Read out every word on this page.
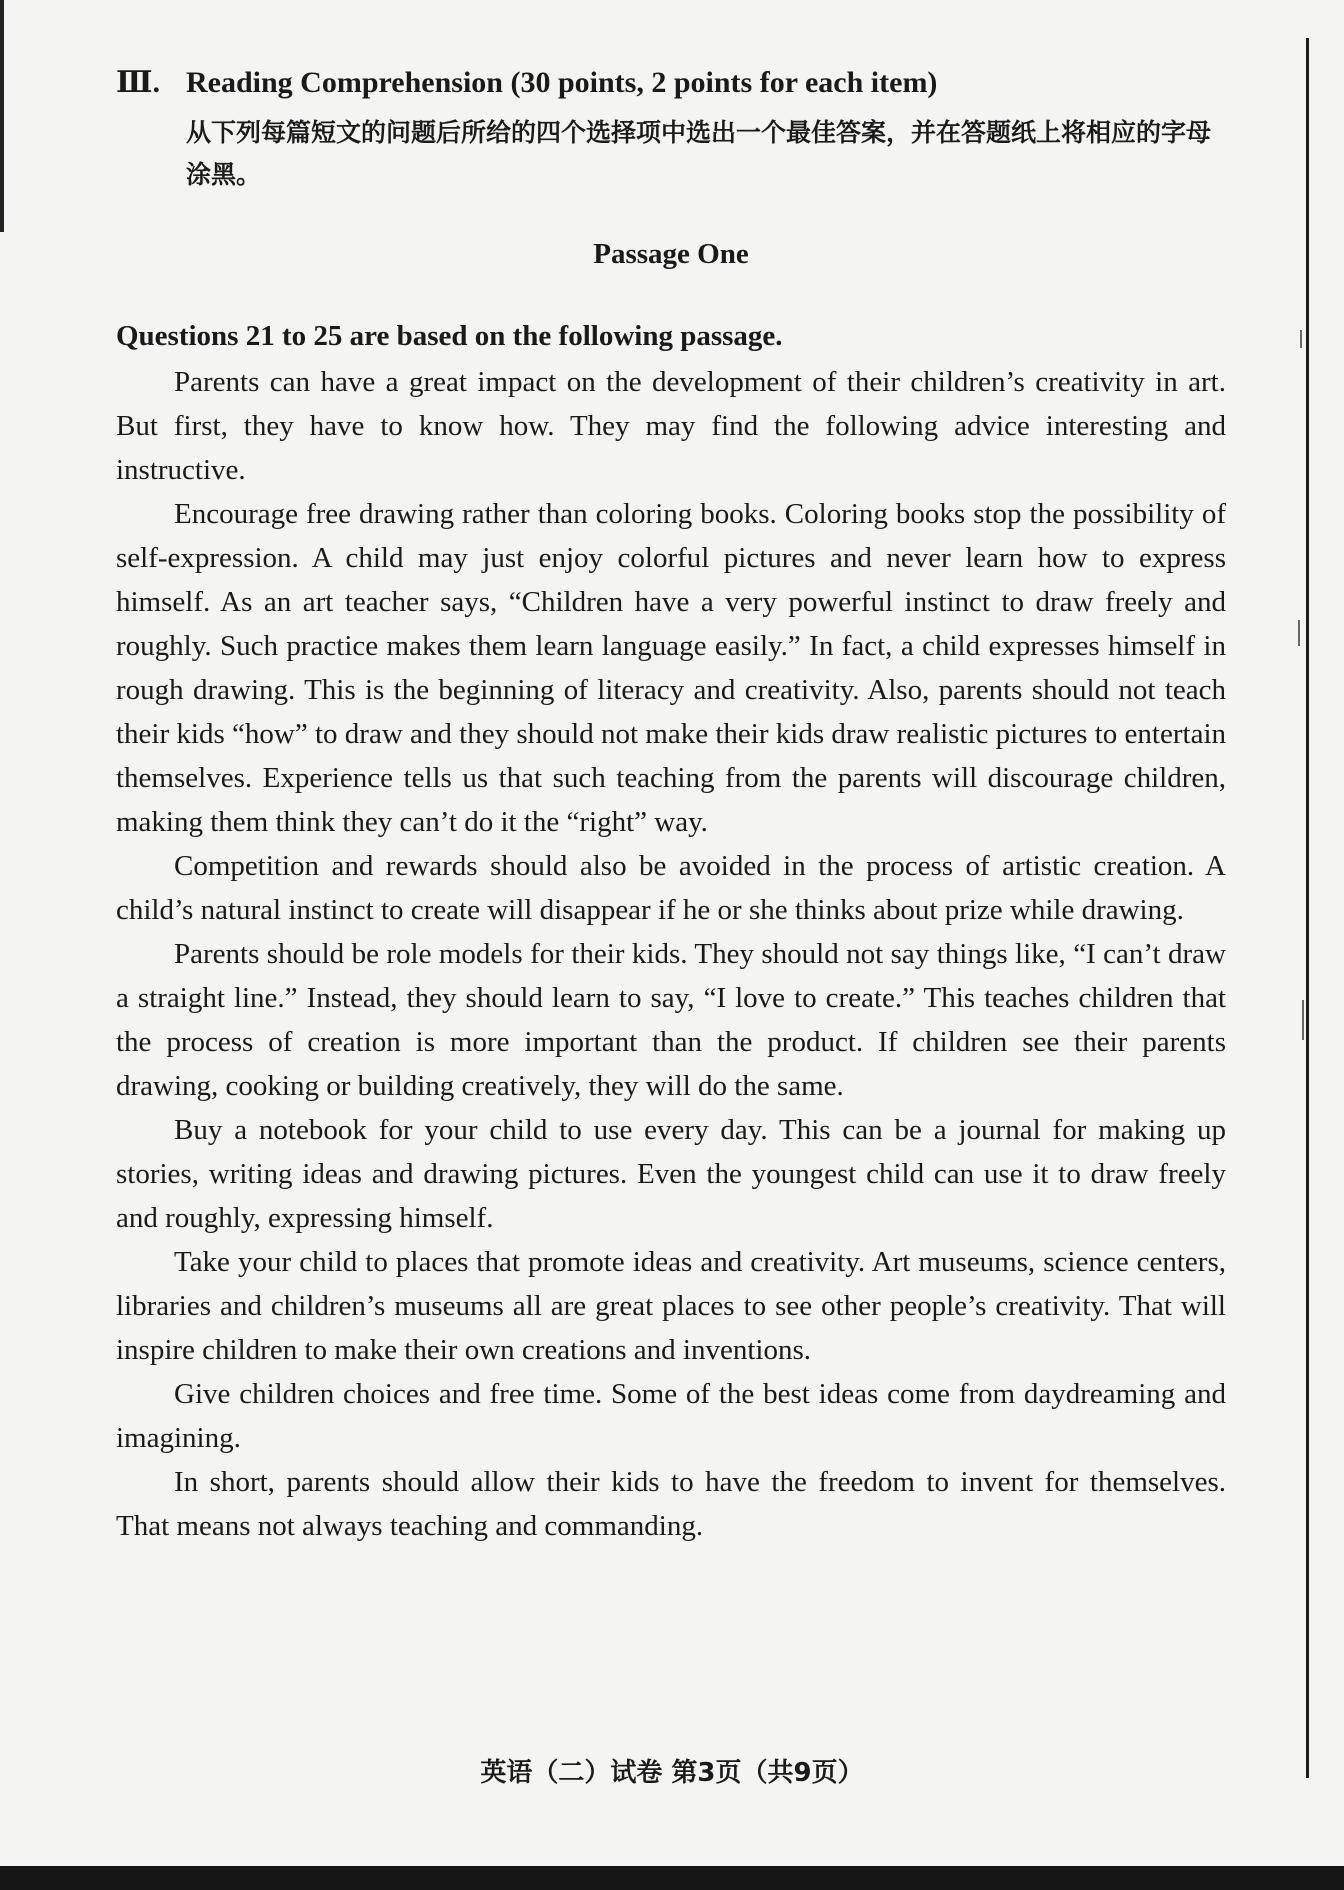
Ⅲ. Reading Comprehension (30 points, 2 points for each item)

从下列每篇短文的问题后所给的四个选择项中选出一个最佳答案，并在答题纸上将相应的字母涂黑。

Passage One

Questions 21 to 25 are based on the following passage.

Parents can have a great impact on the development of their children’s creativity in art. But first, they have to know how. They may find the following advice interesting and instructive.

Encourage free drawing rather than coloring books. Coloring books stop the possibility of self-expression. A child may just enjoy colorful pictures and never learn how to express himself. As an art teacher says, “Children have a very powerful instinct to draw freely and roughly. Such practice makes them learn language easily.” In fact, a child expresses himself in rough drawing. This is the beginning of literacy and creativity. Also, parents should not teach their kids “how” to draw and they should not make their kids draw realistic pictures to entertain themselves. Experience tells us that such teaching from the parents will discourage children, making them think they can’t do it the “right” way.

Competition and rewards should also be avoided in the process of artistic creation. A child’s natural instinct to create will disappear if he or she thinks about prize while drawing.

Parents should be role models for their kids. They should not say things like, “I can’t draw a straight line.” Instead, they should learn to say, “I love to create.” This teaches children that the process of creation is more important than the product. If children see their parents drawing, cooking or building creatively, they will do the same.

Buy a notebook for your child to use every day. This can be a journal for making up stories, writing ideas and drawing pictures. Even the youngest child can use it to draw freely and roughly, expressing himself.

Take your child to places that promote ideas and creativity. Art museums, science centers, libraries and children’s museums all are great places to see other people’s creativity. That will inspire children to make their own creations and inventions.

Give children choices and free time. Some of the best ideas come from daydreaming and imagining.

In short, parents should allow their kids to have the freedom to invent for themselves. That means not always teaching and commanding.

英语（二）试卷 第3页（共9页）
